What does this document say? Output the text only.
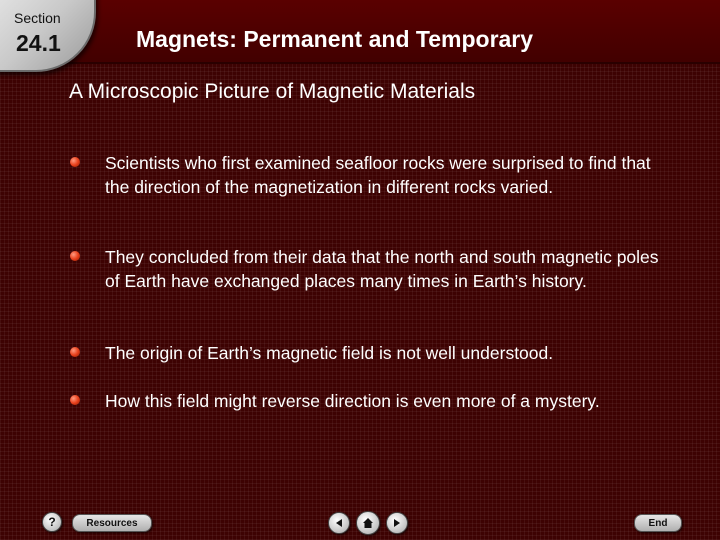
Section
24.1	Magnets: Permanent and Temporary
A Microscopic Picture of Magnetic Materials
Scientists who first examined seafloor rocks were surprised to find that the direction of the magnetization in different rocks varied.
They concluded from their data that the north and south magnetic poles of Earth have exchanged places many times in Earth’s history.
The origin of Earth’s magnetic field is not well understood.
How this field might reverse direction is even more of a mystery.
?	Resources	End
